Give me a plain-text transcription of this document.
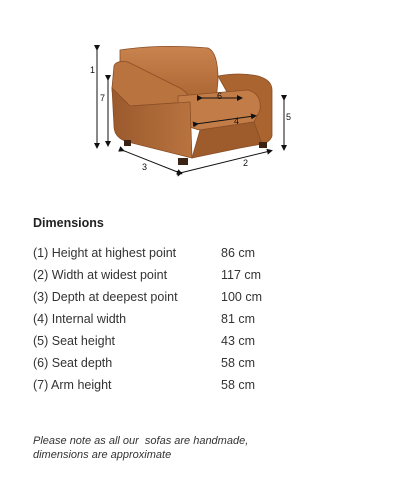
1
7
5
6
4
3	2
Dimensions
(1) Height at highest point	86 cm
(2) Width at widest point	117 cm
(3) Depth at deepest point	100 cm
(4) Internal width	81 cm
(5) Seat height	43 cm
(6) Seat depth	58 cm
(7) Arm height	58 cm
Please note as all our  sofas are handmade,
dimensions are approximate
